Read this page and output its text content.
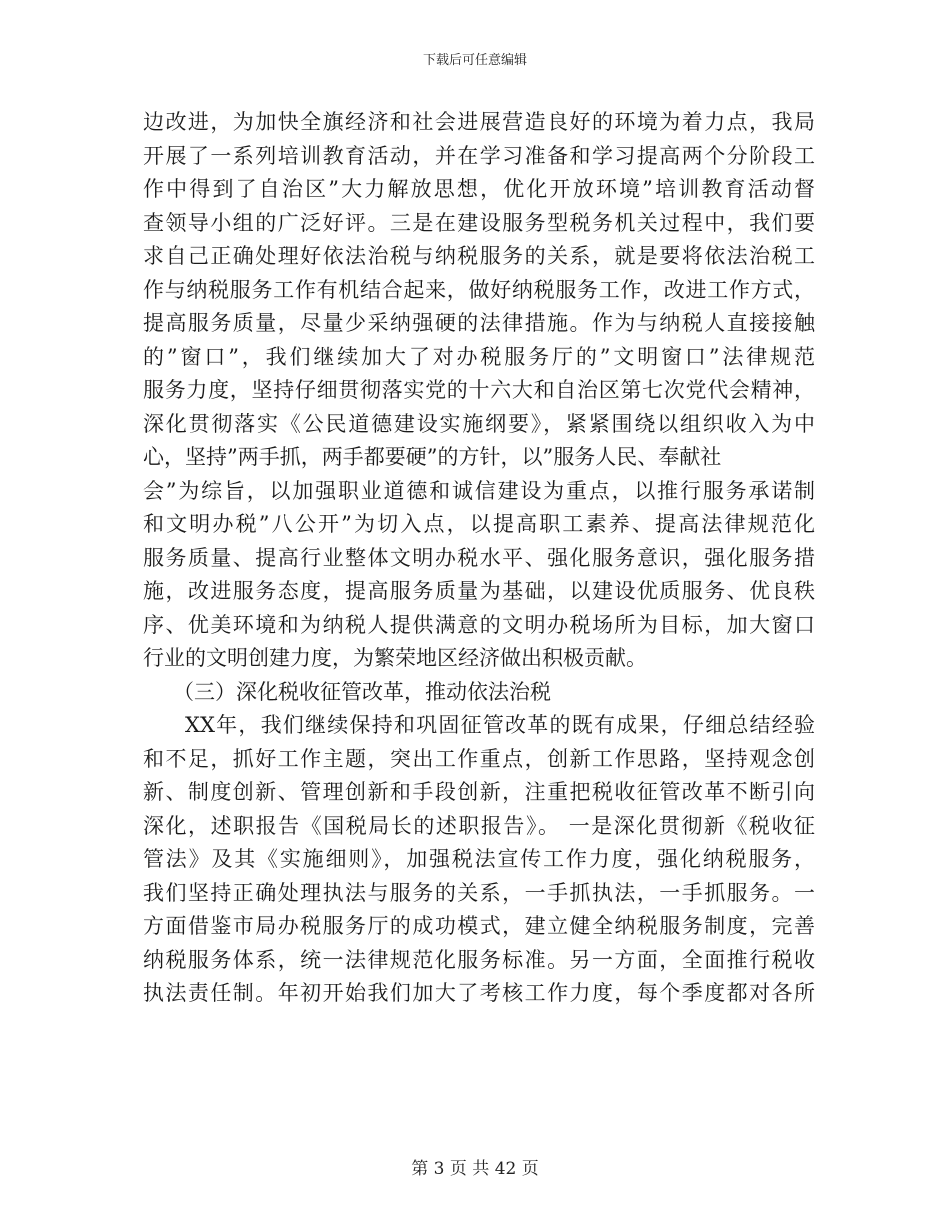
下载后可任意编辑
边改进，为加快全旗经济和社会进展营造良好的环境为着力点，我局
开展了一系列培训教育活动，并在学习准备和学习提高两个分阶段工
作中得到了自治区”大力解放思想，优化开放环境”培训教育活动督
查领导小组的广泛好评。三是在建设服务型税务机关过程中，我们要
求自己正确处理好依法治税与纳税服务的关系，就是要将依法治税工
作与纳税服务工作有机结合起来，做好纳税服务工作，改进工作方式，
提高服务质量，尽量少采纳强硬的法律措施。作为与纳税人直接接触
的”窗口”，我们继续加大了对办税服务厅的”文明窗口”法律规范
服务力度，坚持仔细贯彻落实党的十六大和自治区第七次党代会精神，
深化贯彻落实《公民道德建设实施纲要》，紧紧围绕以组织收入为中
心，坚持”两手抓，两手都要硬”的方针，以”服务人民、奉献社
会”为综旨，以加强职业道德和诚信建设为重点，以推行服务承诺制
和文明办税”八公开”为切入点，以提高职工素养、提高法律规范化
服务质量、提高行业整体文明办税水平、强化服务意识，强化服务措
施，改进服务态度，提高服务质量为基础，以建设优质服务、优良秩
序、优美环境和为纳税人提供满意的文明办税场所为目标，加大窗口
行业的文明创建力度，为繁荣地区经济做出积极贡献。
（三）深化税收征管改革，推动依法治税
XX年，我们继续保持和巩固征管改革的既有成果，仔细总结经验
和不足，抓好工作主题，突出工作重点，创新工作思路，坚持观念创
新、制度创新、管理创新和手段创新，注重把税收征管改革不断引向
深化，述职报告《国税局长的述职报告》。 一是深化贯彻新《税收征
管法》及其《实施细则》，加强税法宣传工作力度，强化纳税服务，
我们坚持正确处理执法与服务的关系，一手抓执法，一手抓服务。一
方面借鉴市局办税服务厅的成功模式，建立健全纳税服务制度，完善
纳税服务体系，统一法律规范化服务标准。另一方面，全面推行税收
执法责任制。年初开始我们加大了考核工作力度，每个季度都对各所
第 3 页 共 42 页
